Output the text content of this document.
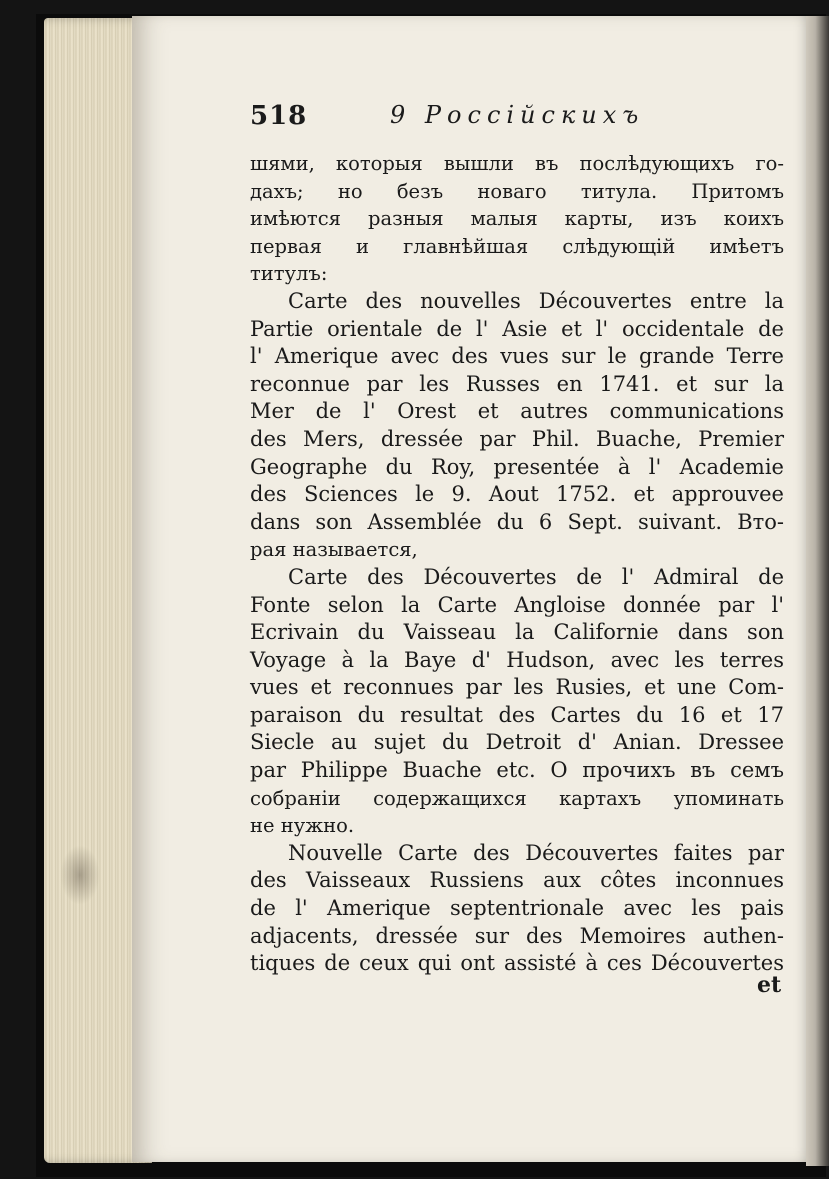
518	9 Россійскихъ
шями, которыя вышли въ послѣдующихъ го-
дахъ; но безъ новаго титула. Притомъ
имѣются разныя малыя карты, изъ коихъ
первая и главнѣйшая слѣдующій имѣетъ
титулъ:
Carte des nouvelles Découvertes entre la
Partie orientale de l' Asie et l' occidentale de
l' Amerique avec des vues sur le grande Terre
reconnue par les Russes en 1741. et sur la
Mer de l' Orest et autres communications
des Mers, dressée par Phil. Buache, Premier
Geographe du Roy, presentée à l' Academie
des Sciences le 9. Aout 1752. et approuvee
dans son Assemblée du 6 Sept. suivant. Вто-
рая называется,
Carte des Découvertes de l' Admiral de
Fonte selon la Carte Angloise donnée par l'
Ecrivain du Vaisseau la Californie dans son
Voyage à la Baye d' Hudson, avec les terres
vues et reconnues par les Rusies, et une Com-
paraison du resultat des Cartes du 16 et 17
Siecle au sujet du Detroit d' Anian. Dressee
par Philippe Buache etc. О прочихъ въ семъ
собраніи содержащихся картахъ упоминать
не нужно.
Nouvelle Carte des Découvertes faites par
des Vaisseaux Russiens aux côtes inconnues
de l' Amerique septentrionale avec les pais
adjacents, dressée sur des Memoires authen-
tiques de ceux qui ont assisté à ces Découvertes
et
